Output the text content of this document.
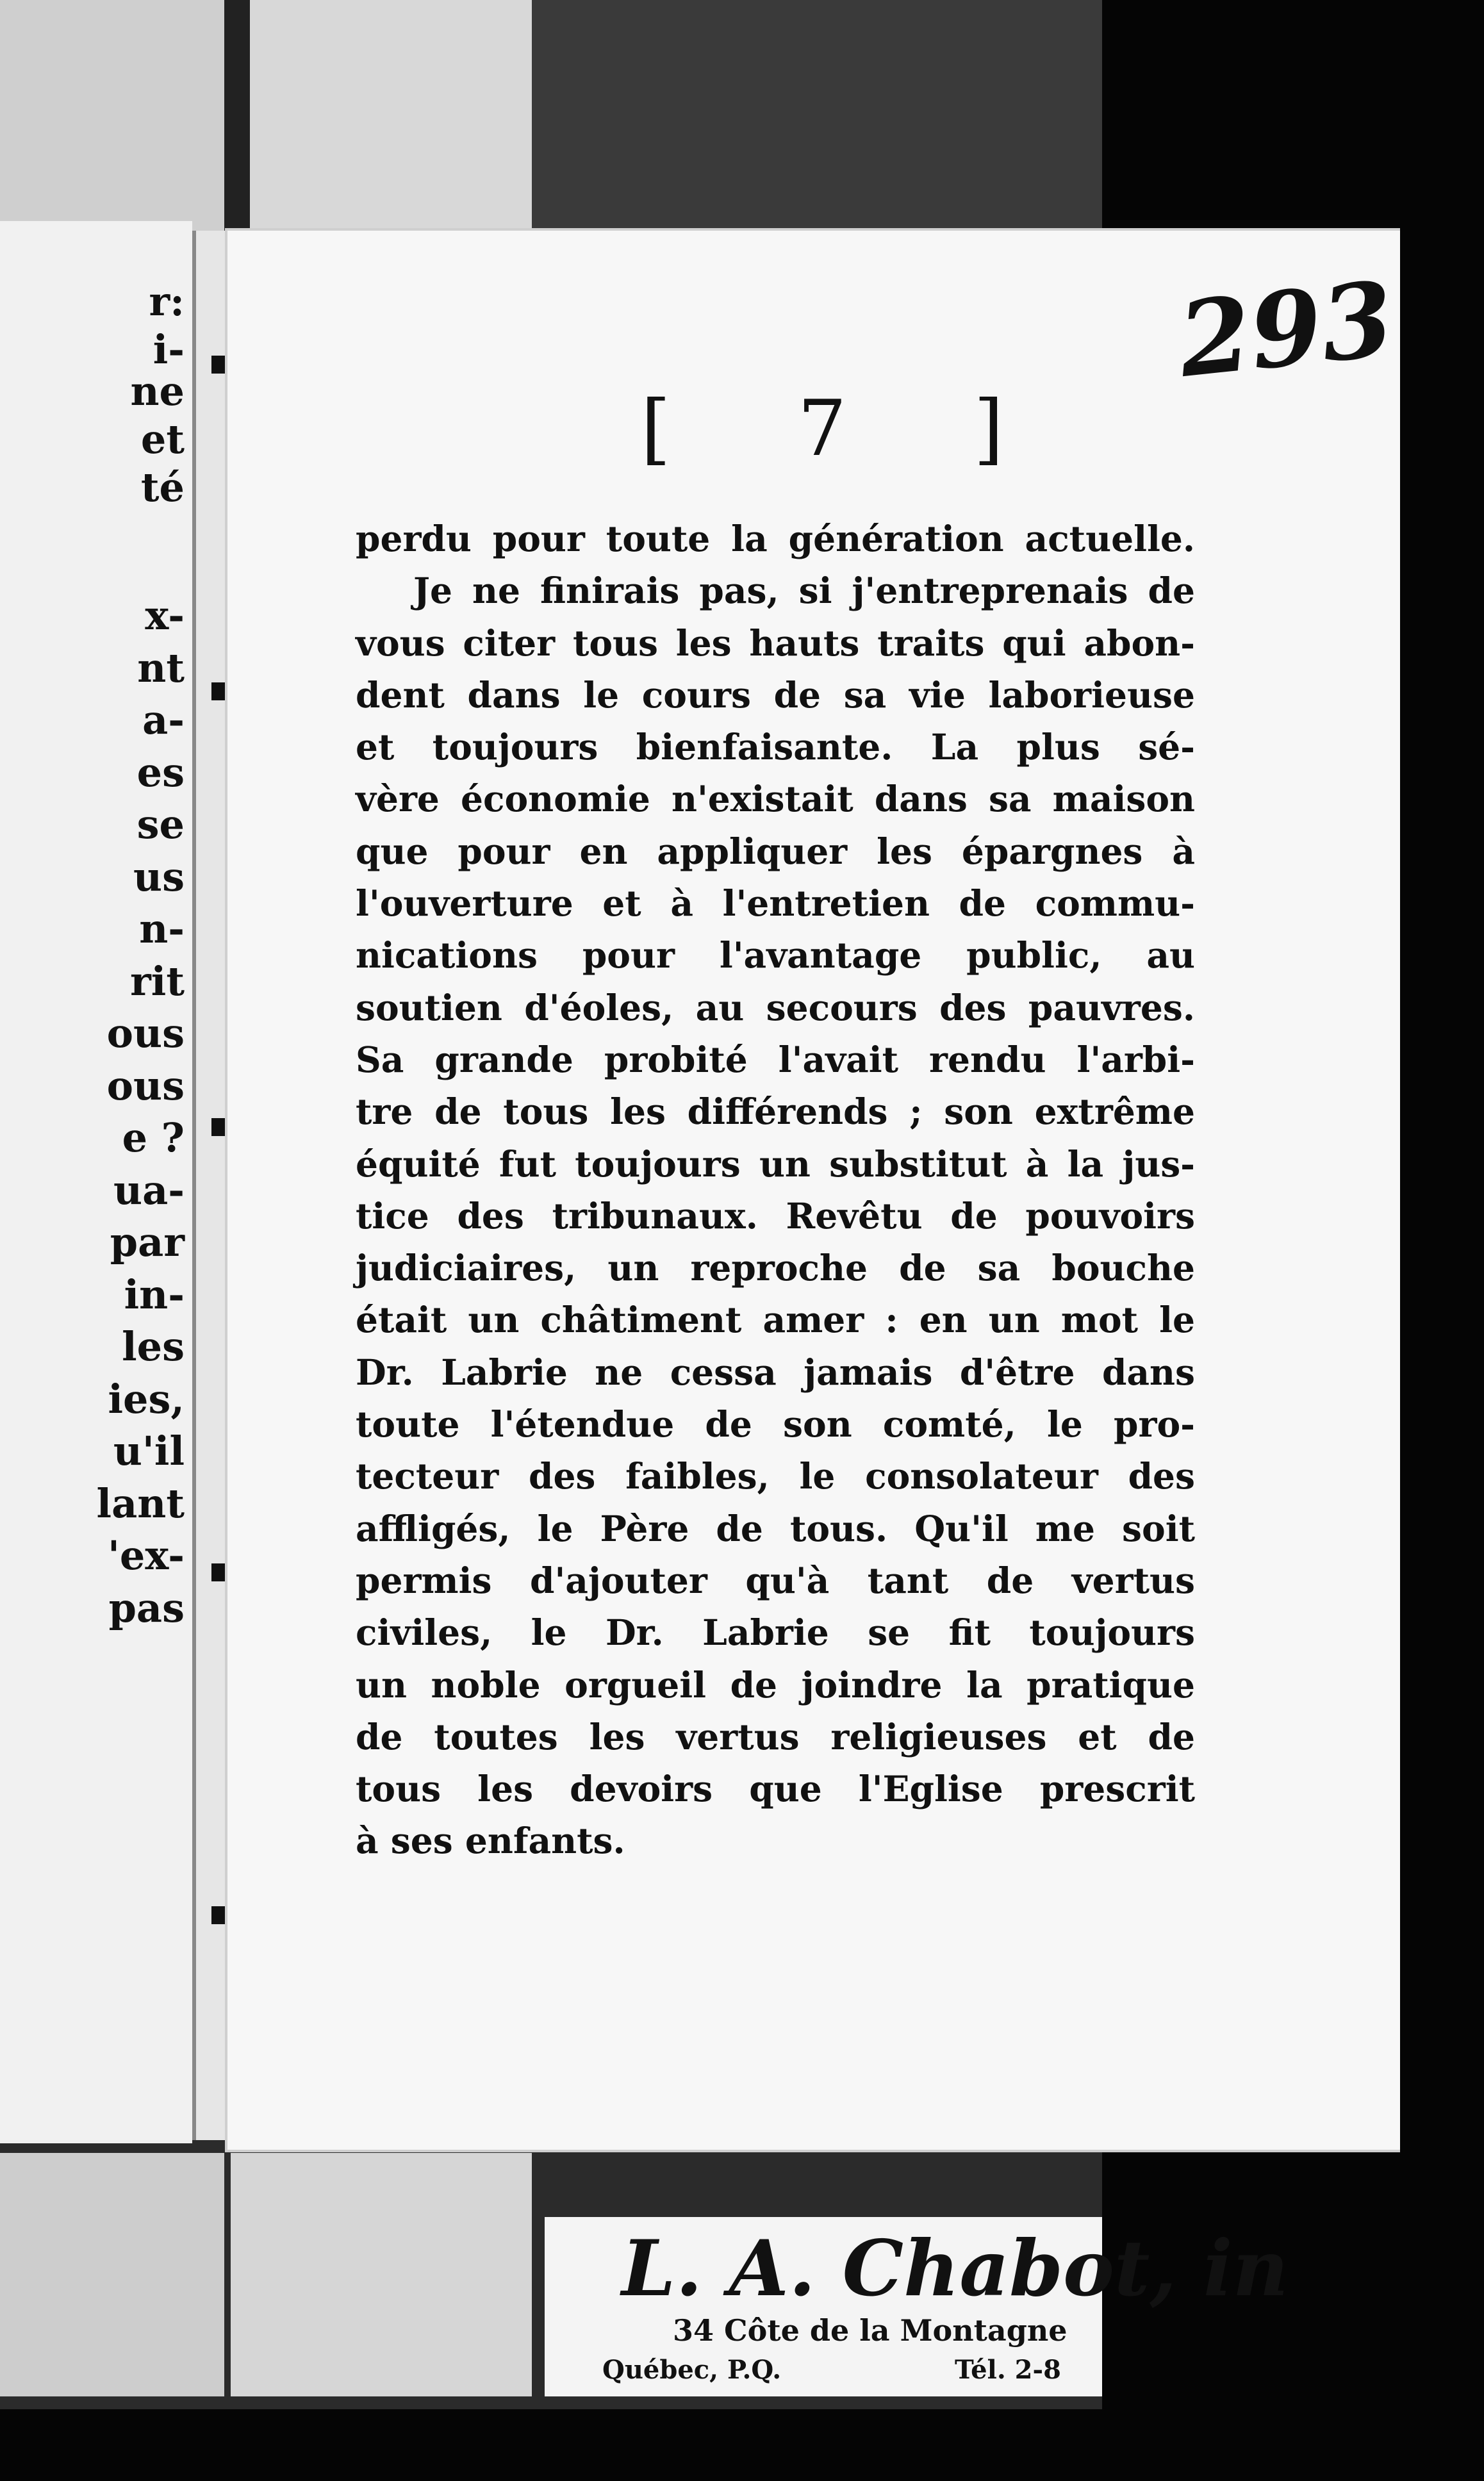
r:

i-

ne

et

té

x-

nt

a-

es

se

us

n-

rit

ous

ous

e ?

ua-

par

in-

les

ies,

u'il

lant

'ex-

pas

293

[ 7 ]

perdu pour toute la génération actuelle.
Je ne finirais pas, si j'entreprenais de
vous citer tous les hauts traits qui abon-
dent dans le cours de sa vie laborieuse
et toujours bienfaisante. La plus sé-
vère économie n'existait dans sa maison
que pour en appliquer les épargnes à
l'ouverture et à l'entretien de commu-
nications pour l'avantage public, au
soutien d'éoles, au secours des pauvres.
Sa grande probité l'avait rendu l'arbi-
tre de tous les différends ; son extrême
équité fut toujours un substitut à la jus-
tice des tribunaux. Revêtu de pouvoirs
judiciaires, un reproche de sa bouche
était un châtiment amer : en un mot le
Dr. Labrie ne cessa jamais d'être dans
toute l'étendue de son comté, le pro-
tecteur des faibles, le consolateur des
affligés, le Père de tous. Qu'il me soit
permis d'ajouter qu'à tant de vertus
civiles, le Dr. Labrie se fit toujours
un noble orgueil de joindre la pratique
de toutes les vertus religieuses et de
tous les devoirs que l'Eglise prescrit
à ses enfants.

L. A. Chabot, in

34 Côte de la Montagne

Québec, P.Q.	Tél. 2-8
